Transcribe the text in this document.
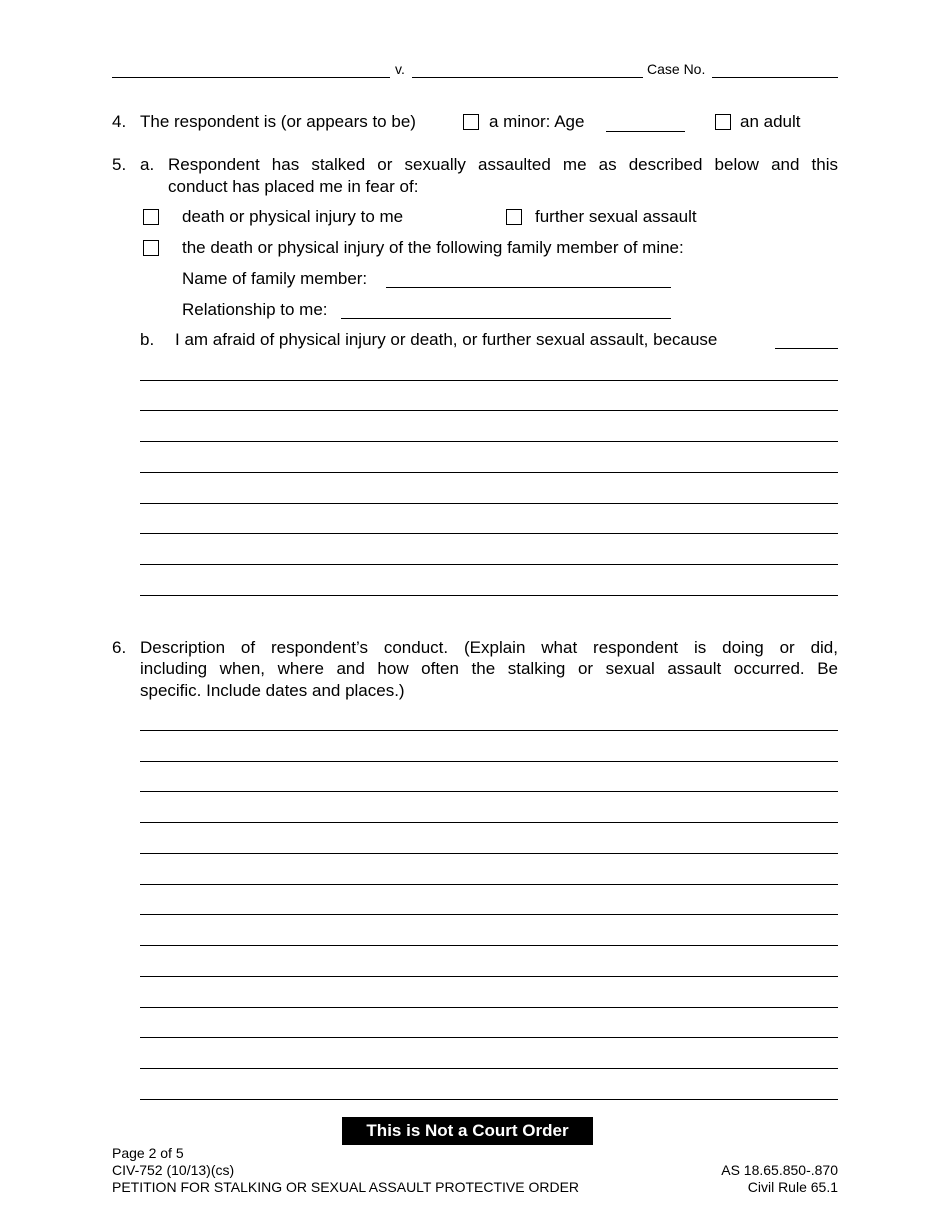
v.	Case No.
4. The respondent is (or appears to be)	a minor: Age	an adult
5. a. Respondent has stalked or sexually assaulted me as described below and this
conduct has placed me in fear of:
death or physical injury to me	further sexual assault
the death or physical injury of the following family member of mine:
Name of family member:
Relationship to me:
b. I am afraid of physical injury or death, or further sexual assault, because
6. Description of respondent’s conduct. (Explain what respondent is doing or did,
including when, where and how often the stalking or sexual assault occurred. Be
specific. Include dates and places.)
This is Not a Court Order
Page 2 of 5
CIV-752 (10/13)(cs)
PETITION FOR STALKING OR SEXUAL ASSAULT PROTECTIVE ORDER
AS 18.65.850-.870
Civil Rule 65.1
